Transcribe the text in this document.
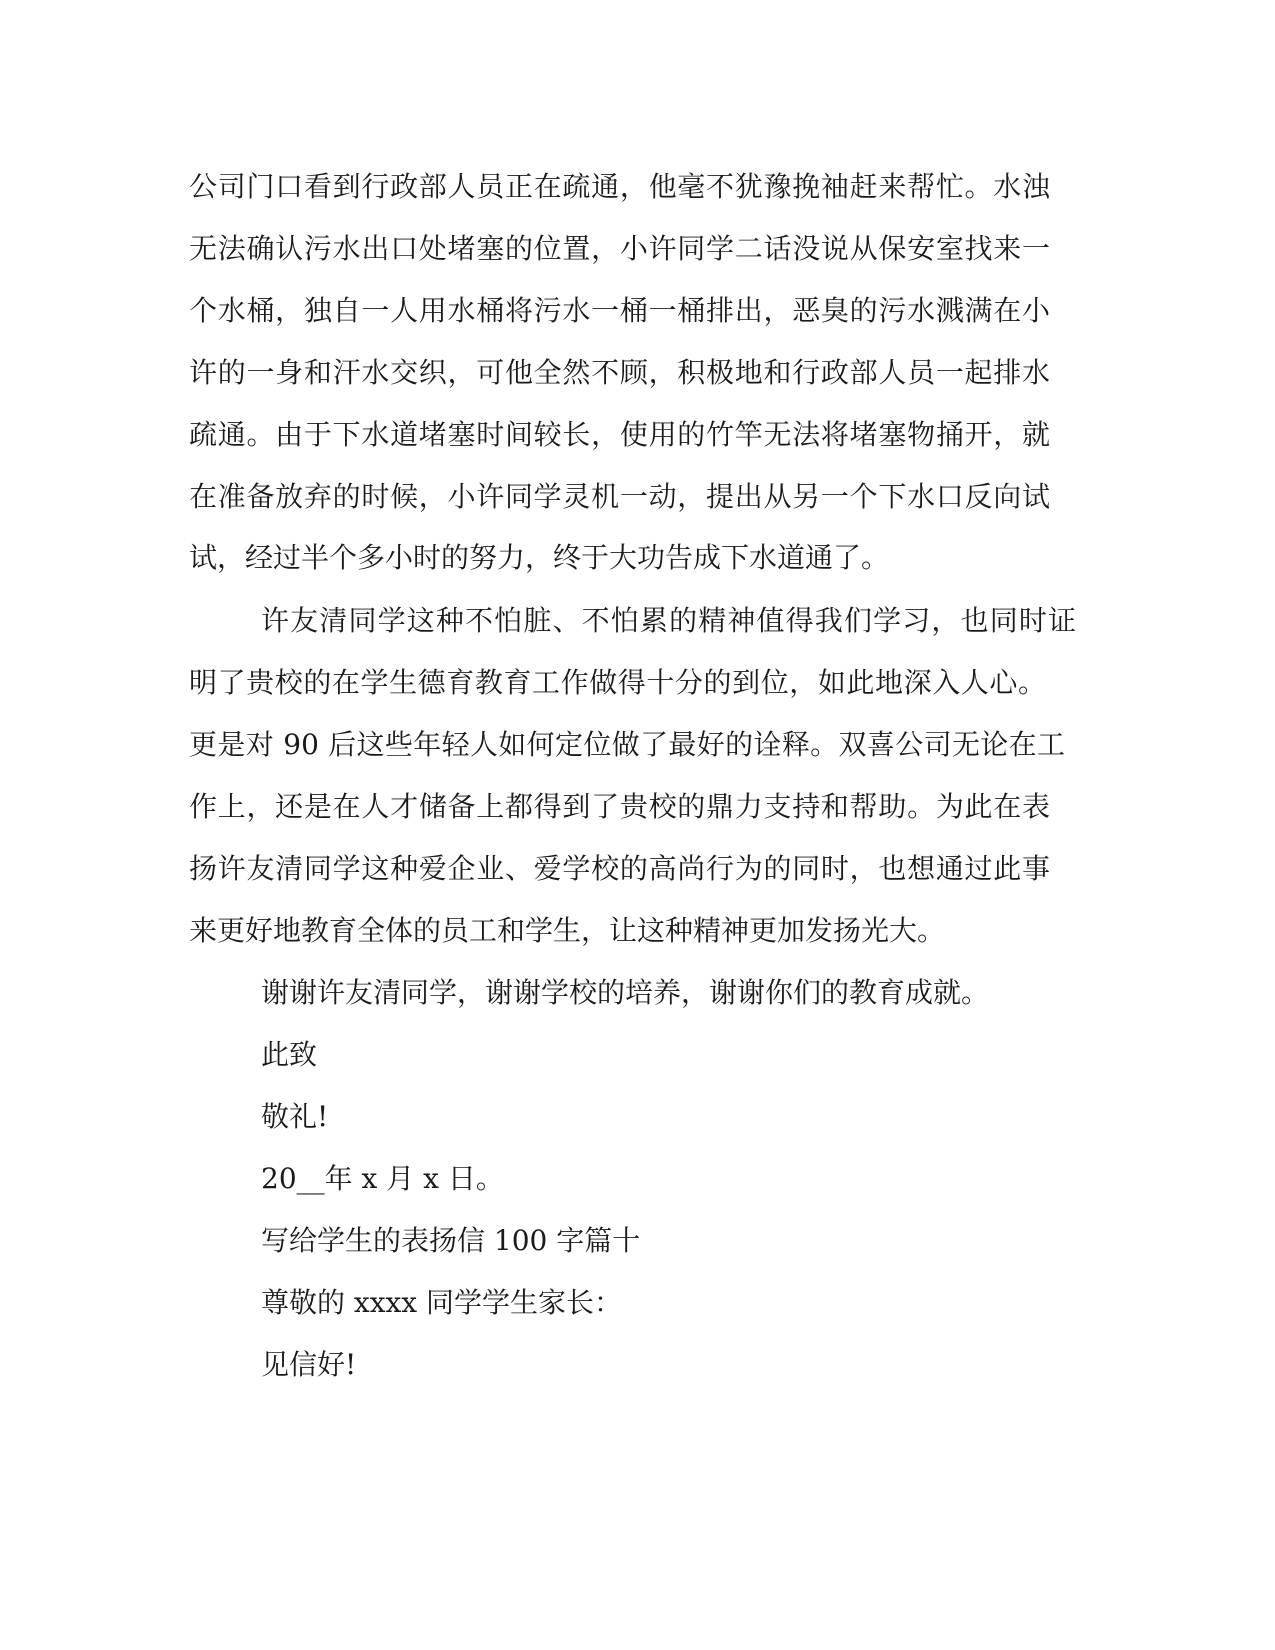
公司门口看到行政部人员正在疏通，他毫不犹豫挽袖赶来帮忙。水浊
无法确认污水出口处堵塞的位置，小许同学二话没说从保安室找来一
个水桶，独自一人用水桶将污水一桶一桶排出，恶臭的污水溅满在小
许的一身和汗水交织，可他全然不顾，积极地和行政部人员一起排水
疏通。由于下水道堵塞时间较长，使用的竹竿无法将堵塞物捅开，就
在准备放弃的时候，小许同学灵机一动，提出从另一个下水口反向试
试，经过半个多小时的努力，终于大功告成下水道通了。
许友清同学这种不怕脏、不怕累的精神值得我们学习，也同时证
明了贵校的在学生德育教育工作做得十分的到位，如此地深入人心。
更是对 90 后这些年轻人如何定位做了最好的诠释。双喜公司无论在工
作上，还是在人才储备上都得到了贵校的鼎力支持和帮助。为此在表
扬许友清同学这种爱企业、爱学校的高尚行为的同时，也想通过此事
来更好地教育全体的员工和学生，让这种精神更加发扬光大。
谢谢许友清同学，谢谢学校的培养，谢谢你们的教育成就。
此致
敬礼!
20__年 x 月 x 日。
写给学生的表扬信 100 字篇十
尊敬的 xxxx 同学学生家长：
见信好!
